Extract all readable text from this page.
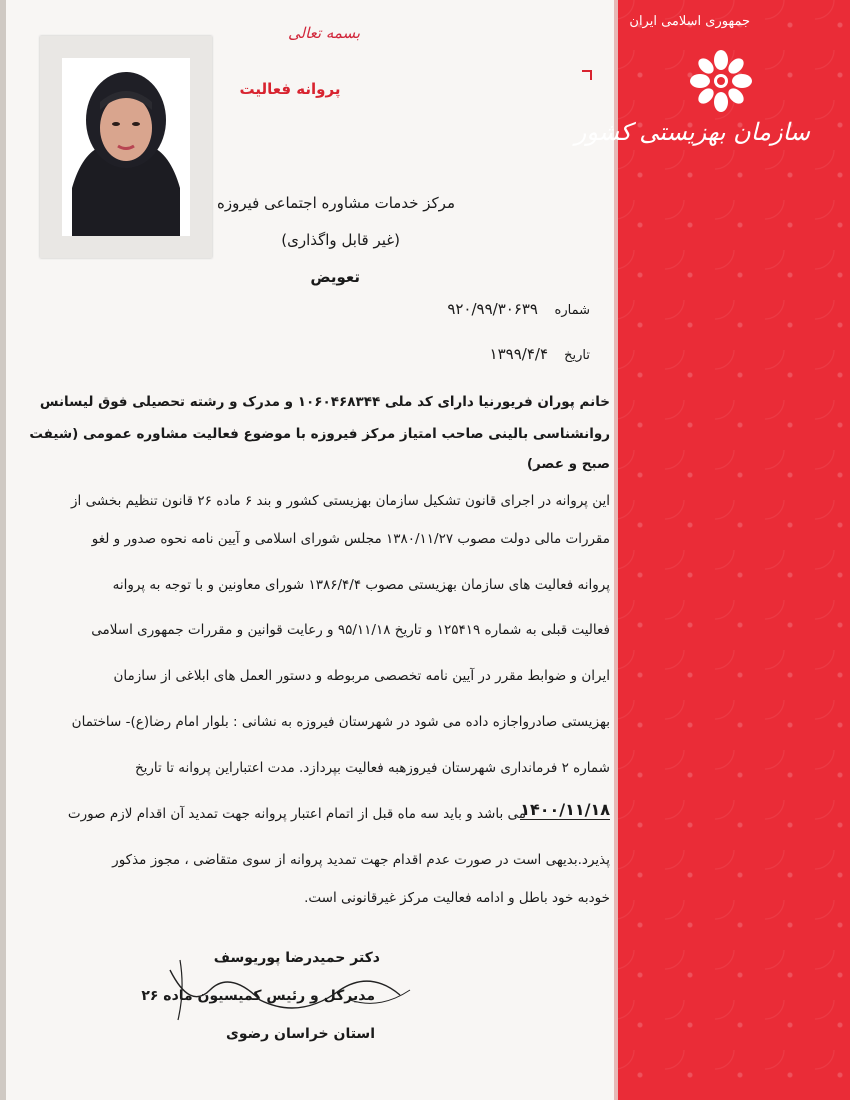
جمهوری اسلامی ایران
سازمان بهزیستی کشور
بسمه تعالی
پروانه فعالیت
مرکز خدمات مشاوره اجتماعی فیروزه
(غیر قابل واگذاری)
تعویض
شماره
۹۲۰/۹۹/۳۰۶۳۹
تاریخ
۱۳۹۹/۴/۴
خانم پوران فریورنیا دارای کد ملی ۱۰۶۰۴۶۸۳۴۴ و مدرک و رشته تحصیلی فوق لیسانس
روانشناسی بالینی صاحب امتیاز مرکز فیروزه با موضوع فعالیت مشاوره عمومی (شیفت
صبح و عصر)
این پروانه در اجرای قانون تشکیل سازمان بهزیستی کشور و بند ۶ ماده ۲۶ قانون تنظیم بخشی از
مقررات مالی دولت مصوب ۱۳۸۰/۱۱/۲۷ مجلس شورای اسلامی و آیین نامه نحوه صدور و لغو
پروانه فعالیت های سازمان بهزیستی مصوب ۱۳۸۶/۴/۴ شورای معاونین و با توجه به پروانه
فعالیت قبلی به شماره ۱۲۵۴۱۹ و تاریخ ۹۵/۱۱/۱۸ و رعایت قوانین و مقررات جمهوری اسلامی
ایران و ضوابط مقرر در آیین نامه تخصصی مربوطه و دستور العمل های ابلاغی از سازمان
بهزیستی صادرواجازه داده می شود در شهرستان فیروزه به نشانی : بلوار امام رضا(ع)- ساختمان
شماره ۲ فرمانداری شهرستان فیروزهبه فعالیت بپردازد. مدت اعتباراین پروانه تا تاریخ
می باشد و باید سه ماه قبل از اتمام اعتبار پروانه جهت تمدید آن اقدام لازم صورت
۱۴۰۰/۱۱/۱۸
پذیرد.بدیهی است در صورت عدم اقدام جهت تمدید پروانه از سوی متقاضی ، مجوز مذکور
خودبه خود باطل و ادامه فعالیت مرکز غیرقانونی است.
دکتر حمیدرضا پوریوسف
مدیرکل و رئیس کمیسیون ماده ۲۶
استان خراسان رضوی
